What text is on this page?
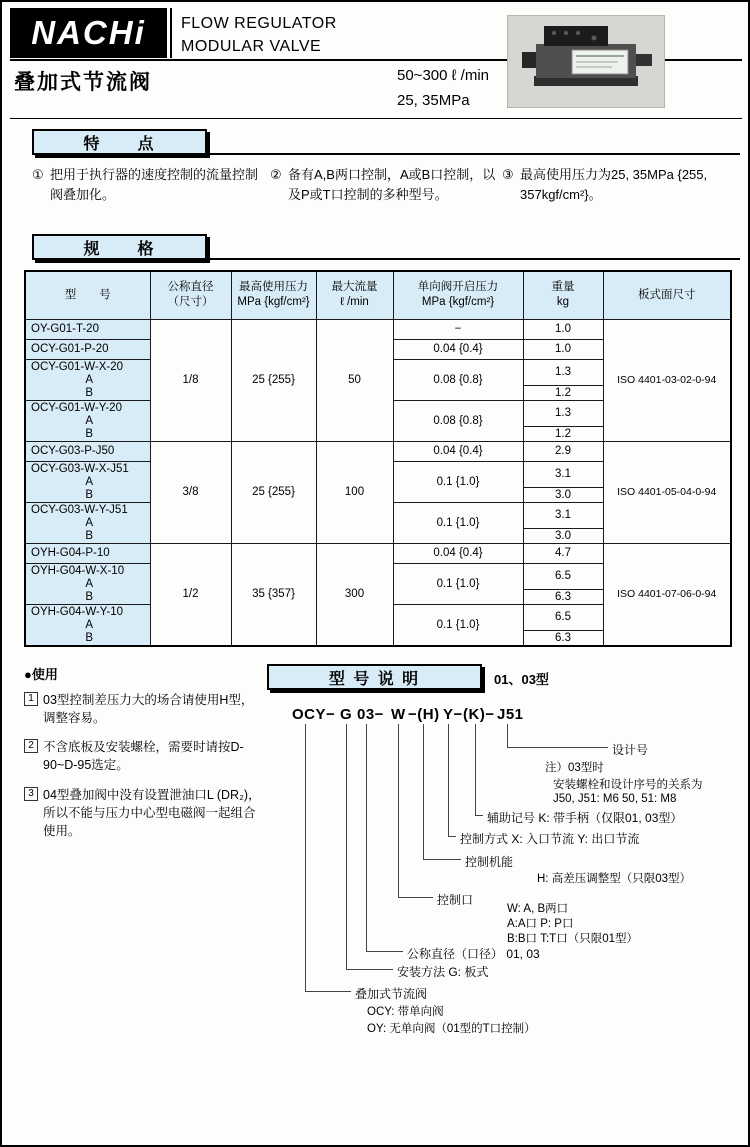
NACHi	FLOW REGULATOR
MODULAR VALVE
叠加式节流阀	50~300 ℓ /min
25, 35MPa
特　　点
① 把用于执行器的速度控制的流量控制阀叠加化。
② 备有A,B两口控制，A或B口控制，以及P或T口控制的多种型号。
③ 最高使用压力为25, 35MPa {255, 357kgf/cm²}。
规　　格
型　　号

公称直径
（尺寸）

最高使用压力
MPa {kgf/cm²}

最大流量
ℓ /min

单向阀开启压力
MPa {kgf/cm²}

重量
kg

板式面尺寸

OY-G01-T-20	1/8	25 {255}	50	−	1.0	ISO 4401-03-02-0-94
OCY-G01-P-20				0.04 {0.4}	1.0	

OCY-G01-W-X-20
A
B				0.08 {0.8}	1.3	
					1.2	

OCY-G01-W-Y-20
A
B				0.08 {0.8}	1.3	
					1.2	
OCY-G03-P-J50	3/8	25 {255}	100	0.04 {0.4}	2.9	ISO 4401-05-04-0-94

OCY-G03-W-X-J51
A
B				0.1 {1.0}	3.1	
					3.0	

OCY-G03-W-Y-J51
A
B				0.1 {1.0}	3.1	
					3.0	
OYH-G04-P-10	1/2	35 {357}	300	0.04 {0.4}	4.7	ISO 4401-07-06-0-94

OYH-G04-W-X-10
A
B				0.1 {1.0}	6.5	
					6.3	

OYH-G04-W-Y-10
A
B				0.1 {1.0}	6.5	
					6.3	
●使用
1 03型控制差压力大的场合请使用H型，调整容易。
2 不含底板及安装螺栓，需要时请按D-90~D-95选定。
3 04型叠加阀中没有设置泄油口L (DR₂)，所以不能与压力中心型电磁阀一起组合使用。
型 号 说 明	01、03型
OCY− G 03− W −(H) Y− (K)− J51
设计号
注）03型时
安装螺栓和设计序号的关系为
J50, J51: M6 50, 51: M8
辅助记号 K: 带手柄（仅限01, 03型）
控制方式 X: 入口节流 Y: 出口节流
控制机能
H: 高差压调整型（只限03型）
控制口
W: A, B两口
A:A口 P: P口
B:B口 T:T口（只限01型）
公称直径（口径） 01, 03
安装方法 G: 板式
叠加式节流阀
OCY: 带单向阀
OY: 无单向阀（01型的T口控制）
